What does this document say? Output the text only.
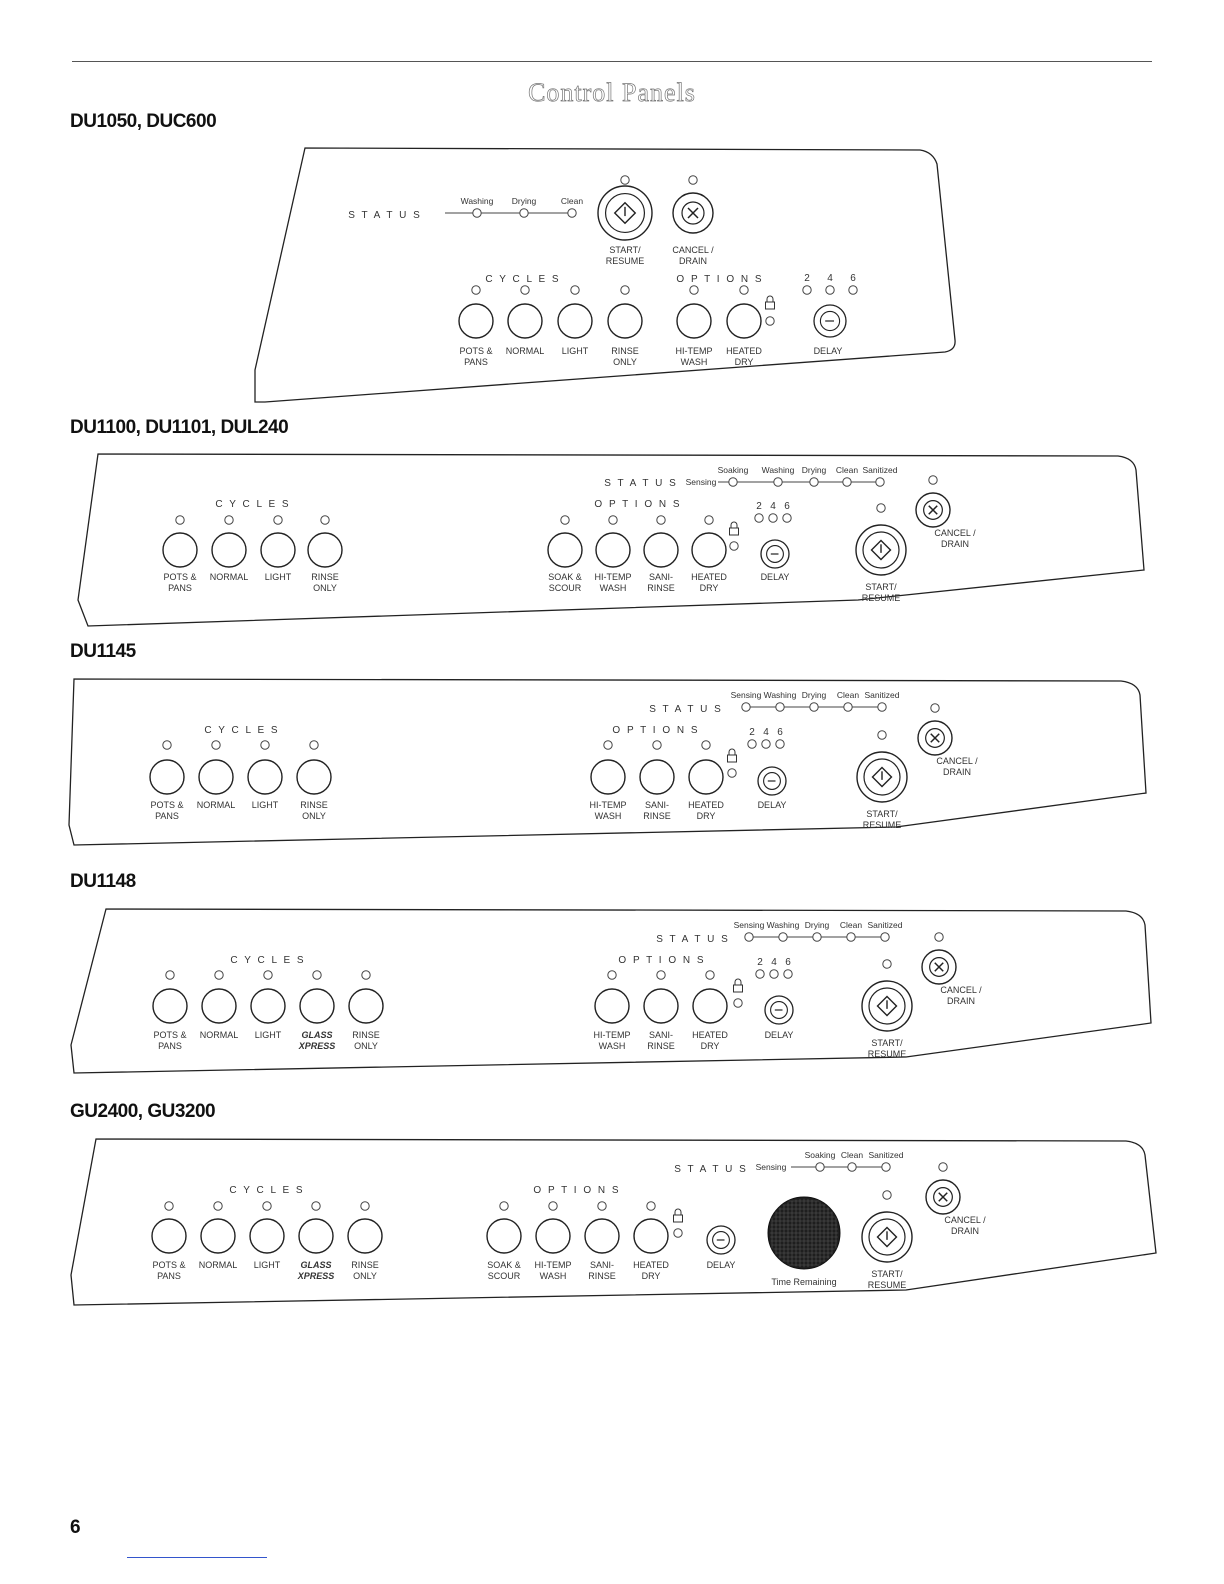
Control Panels
DU1050, DUC600
S T A T U S
Washing Drying	Clean
START/
RESUME
CANCEL /
DRAIN
C Y C L E S
POTS &
PANS
NORMAL LIGHT	RINSE
ONLY
O P T I O N S
HI-TEMP
WASH
HEATED
DRY
2 4 6
DELAY
DU1100, DU1101, DUL240
S T A T U S Sensing
Soaking Washing Drying Clean Sanitized
C Y C L E S
POTS &
PANS
NORMAL LIGHT RINSE
ONLY
O P T I O N S
SOAK &
SCOUR
HI-TEMP
WASH
SANI-
RINSE
HEATED
DRY
2 4 6
DELAY
START/
RESUME
CANCEL /
DRAIN
DU1145
S T A T U S
Sensing Washing Drying Clean Sanitized
C Y C L E S
POTS &
PANS
NORMAL LIGHT RINSE
ONLY
O P T I O N S
HI-TEMP
WASH
SANI-
RINSE
HEATED
DRY
2 4 6
DELAY
START/
RESUME
CANCEL /
DRAIN
DU1148
S T A T U S
Sensing Washing Drying Clean Sanitized
C Y C L E S
POTS &
PANS
NORMAL LIGHT GLASS
XPRESS
RINSE
ONLY
O P T I O N S
HI-TEMP
WASH
SANI-
RINSE
HEATED
DRY
2 4 6
DELAY
START/
RESUME
CANCEL /
DRAIN
GU2400, GU3200
S T A T U S Sensing
Soaking Clean Sanitized
C Y C L E S
POTS &
PANS
NORMAL LIGHT GLASS
XPRESS
RINSE
ONLY
O P T I O N S
SOAK &
SCOUR
HI-TEMP
WASH
SANI-
RINSE
HEATED
DRY
DELAY
Time Remaining
START/
RESUME
CANCEL /
DRAIN
6
